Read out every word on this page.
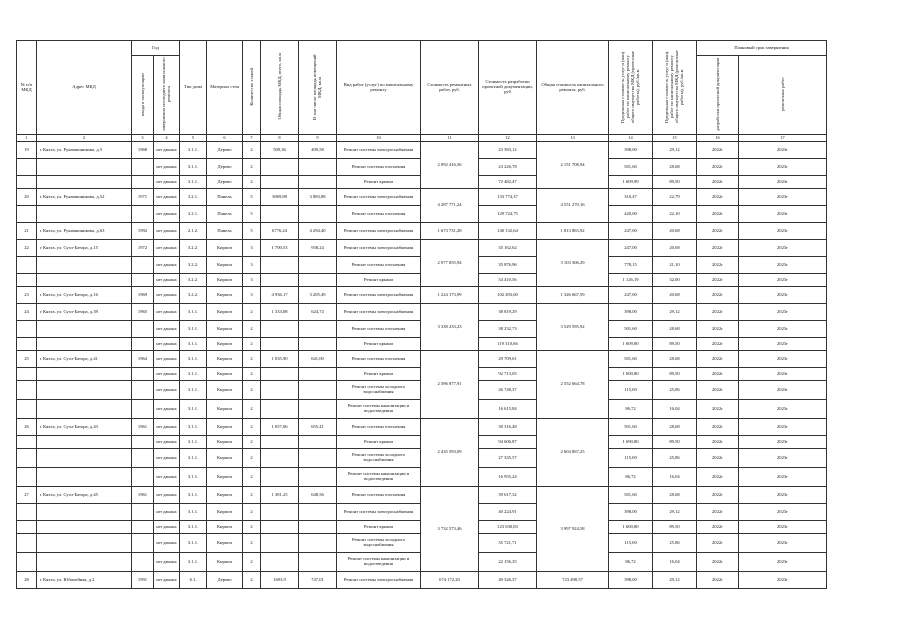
№ п/п МКД	Адрес МКД	Год		Тип дома	Материал стен	Количество этажей	Общая площадь МКД, всего, кв.м	В том числе площадь помещений МКД, кв.м	Вид работ (услуг) по капитальному ремонту	Стоимость ремонтных работ, руб.	Стоимость разработки проектной документации, руб	Общая стоимость капитального ремонта, руб.	Предельная стоимость услуг и (или) работ по капитальному ремонту общего имущества МКД (проектные работы), руб./кв.м	Предельная стоимость услуг и (или) работ по капитальному ремонту общего имущества МКД (ремонтные работы), руб./кв.м	Плановый срок завершения	
		ввода в эксплуатацию	завершения последнего капитального ремонта												разработки проектной документации	ремонтных работ
1	2	3	4	5	6	7	8	9	10	11	12	13	14	15	16	17
19	г Кяхта, ул. Рукавишникова, д.5	1968	нет данных	3.1.1.	Дерево	2	509,36	409,58	Ремонт системы электроснабжения	2 092 416,56	23 583,12	2 151 708,94	398,00	29,12	2022г	2023г
			нет данных	3.1.1.	Дерево	2			Ремонт системы отопления		23 226,78		501,60	28,68	2022г	2023г
			нет данных	3.1.1.	Дерево	2			Ремонт крыши		72 482,47		1 609,99	89,50	2022г	2023г
20	г Кяхта, ул. Рукавишникова, д.52	1971	нет данных	3.2.1.	Панель	5	3869,88	3 883,88	Ремонт системы электроснабжения	4 287 771,24	133 774,37	4 551 270,16	310,47	22,79	2022г	2023г
			нет данных	3.2.1.	Панель	5			Ремонт системы отопления		129 724,75		420,00	22,10	2022г	2023г
21	г Кяхта, ул. Рукавишникова, д.63	1992	нет данных	2.1.2.	Панель	5	6776,24	4 294,40	Ремонт системы электроснабжения	1 673 731,28	140 132,64	1 813 863,92	247,00	20,68	2022г	2023г
22	г Кяхта, ул. Сухэ-Батора, д.15	1972	нет данных	3.2.2.	Кирпич	3	1 700,53	938,24	Ремонт системы электроснабжения	2 977 855,94	35 162,62	3 103 306,29	247,00	20,68	2022г	2023г
			нет данных	3.2.2.	Кирпич	3			Ремонт системы отопления		35 876,96		778,15	21,10	2022г	2023г
			нет данных	3.2.2.	Кирпич	3			Ремонт крыши		54 410,56		1 126,19	32,00	2022г	2023г
23	г Кяхта, ул. Сухэ-Батора, д.16	1969	нет данных	3.2.2.	Кирпич	3	4 936,17	3 205,49	Ремонт системы электроснабжения	1 224 173,99	102 493,60	1 326 667,59	247,00	20,68	2022г	2023г
24	г Кяхта, ул. Сухэ-Батора, д.39	1965	нет данных	3.1.1.	Кирпич	2	1 333,08	624,74	Ремонт системы электроснабжения	3 338 233,23	38 819,29	3 529 595,92	398,00	29,12	2022г	2023г
			нет данных	3.1.1.	Кирпич	2			Ремонт системы отопления		38 232,73		501,60	28,68	2022г	2023г
			нет данных	3.1.1.	Кирпич	2			Ремонт крыши		119 310,66		1 609,80	89,50	2022г	2023г
25	г Кяхта, ул. Сухэ-Батора, д.41	1964	нет данных	3.1.1.	Кирпич	2	1 035,90	641,00	Ремонт системы отопления	2 396 877,91	29 709,61	2 552 664,78	501,60	28,68	2022г	2023г
			нет данных	3.1.1.	Кирпич	2			Ремонт крыши		92 713,05		1 600,80	89,50	2022г	2023г
			нет данных	3.1.1.	Кирпич	2			Ремонт системы холодного водоснабжения		26 748,37		115,00	25,86	2022г	2023г
			нет данных	3.1.1.	Кирпич	2			Ремонт системы канализации и водоотведения		16 615,84		86,72	16,04	2022г	2023г
26	г Кяхта, ул. Сухэ-Батора, д.43	1961	нет данных	3.1.1.	Кирпич	2	1 057,06	655,41	Ремонт системы отопления	2 435 593,09	30 316,48	2 604 867,25	501,60	28,68	2022г	2023г
			нет данных	3.1.1.	Кирпич	2			Ремонт крыши		94 606,87		1 690,80	89,50	2022г	2023г
			нет данных	3.1.1.	Кирпич	2			Ремонт системы холодного водоснабжения		27 335,57		115,00	25,86	2022г	2023г
			нет данных	3.1.1.	Кирпич	2			Ремонт системы канализации и водоотведения		16 955,24		86,72	16,04	2022г	2023г
27	г Кяхта, ул. Сухэ-Батора, д.45	1961	нет данных	3.1.1.	Кирпич	2	1 381,25	648,56	Ремонт системы отопления	3 732 573,46	39 617,32	3 997 924,58	501,60	28,68	2022г	2023г
			нет данных	3.1.1.	Кирпич	2			Ремонт системы электроснабжения		40 224,91		398,00	29,12	2022г	2023г
			нет данных	3.1.1.	Кирпич	2			Ремонт крыши		123 630,83		1 600,80	89,50	2022г	2023г
			нет данных	3.1.1.	Кирпич	2			Ремонт системы холодного водоснабжения		35 721,71		115,00	25,86	2022г	2023г
			нет данных	3.1.1.	Кирпич	2			Ремонт системы канализации и водоотведения		22 156,35		86,72	16,04	2022г	2023г
28	г Кяхта, ул. Юбилейная, д.2	1991	нет данных	6.1.	Дерево	2	1693,9	747,01	Ремонт системы электроснабжения	674 172,20	49 326,37	723 498,57	398,00	29,12	2022г	2023г
